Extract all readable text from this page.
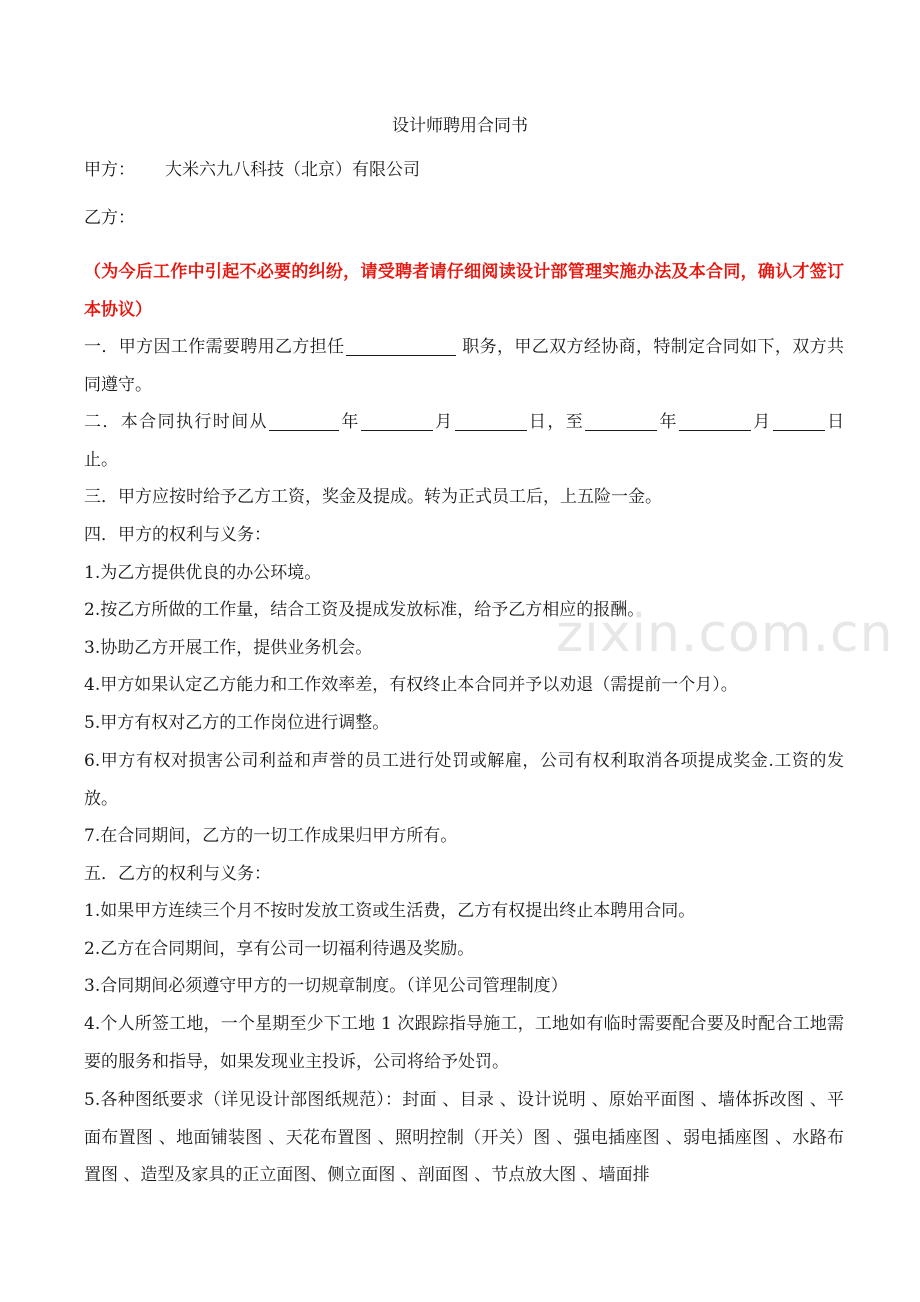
设计师聘用合同书

甲方： 大米六九八科技（北京）有限公司

乙方：

（为今后工作中引起不必要的纠纷，请受聘者请仔细阅读设计部管理实施办法及本合同，确认才签订本协议）

一．甲方因工作需要聘用乙方担任	职务，甲乙双方经协商，特制定合同如下，双方共同遵守。

二．本合同执行时间从	年	月	日，至	年	月	日止。

三．甲方应按时给予乙方工资，奖金及提成。转为正式员工后，上五险一金。

四．甲方的权利与义务：

1.为乙方提供优良的办公环境。

2.按乙方所做的工作量，结合工资及提成发放标准，给予乙方相应的报酬。

3.协助乙方开展工作，提供业务机会。

4.甲方如果认定乙方能力和工作效率差，有权终止本合同并予以劝退（需提前一个月）。

5.甲方有权对乙方的工作岗位进行调整。

6.甲方有权对损害公司利益和声誉的员工进行处罚或解雇，公司有权利取消各项提成奖金.工资的发放。

7.在合同期间，乙方的一切工作成果归甲方所有。

五．乙方的权利与义务：

1.如果甲方连续三个月不按时发放工资或生活费，乙方有权提出终止本聘用合同。

2.乙方在合同期间，享有公司一切福利待遇及奖励。

3.合同期间必须遵守甲方的一切规章制度。（详见公司管理制度）

4.个人所签工地，一个星期至少下工地 1 次跟踪指导施工，工地如有临时需要配合要及时配合工地需要的服务和指导，如果发现业主投诉，公司将给予处罚。

5.各种图纸要求（详见设计部图纸规范）：封面 、目录 、设计说明 、原始平面图 、墙体拆改图 、平面布置图 、地面铺装图 、天花布置图 、照明控制（开关）图 、强电插座图 、弱电插座图 、水路布置图 、造型及家具的正立面图、侧立面图 、剖面图 、节点放大图 、墙面排

zixin.com.cn
